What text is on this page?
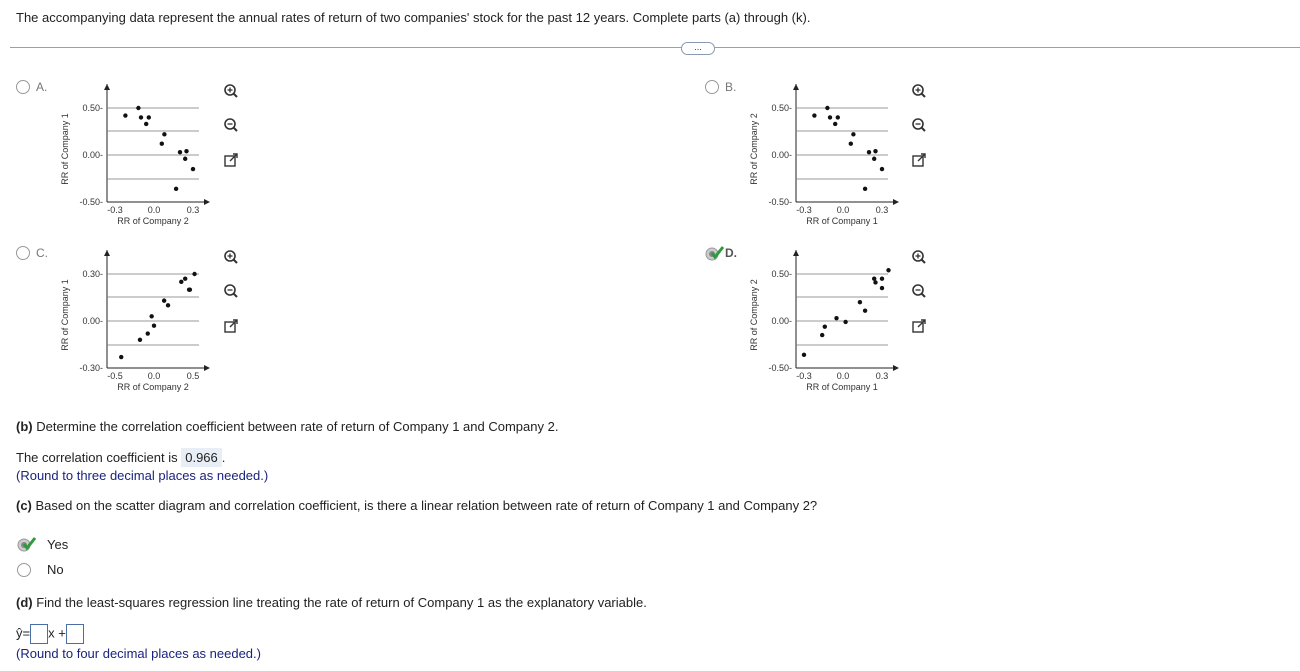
The accompanying data represent the annual rates of return of two companies' stock for the past 12 years. Complete parts (a) through (k).
...
A.
0.50-
0.00-
-0.50-
-0.3	0.0	0.3
RR of Company 2
RR of Company 1
B.
0.50-
0.00-
-0.50-
-0.3	0.0	0.3
RR of Company 1
RR of Company 2
C.
0.30-
0.00-
-0.30-
-0.5	0.0	0.5
RR of Company 2
RR of Company 1
D.
0.50-
0.00-
-0.50-
-0.3	0.0	0.3
RR of Company 1
RR of Company 2
(b) Determine the correlation coefficient between rate of return of Company 1 and Company 2.
The correlation coefficient is 0.966 .
(Round to three decimal places as needed.)
(c) Based on the scatter diagram and correlation coefficient, is there a linear relation between rate of return of Company 1 and Company 2?
Yes
No
(d) Find the least-squares regression line treating the rate of return of Company 1 as the explanatory variable.
ŷ= x +
(Round to four decimal places as needed.)
